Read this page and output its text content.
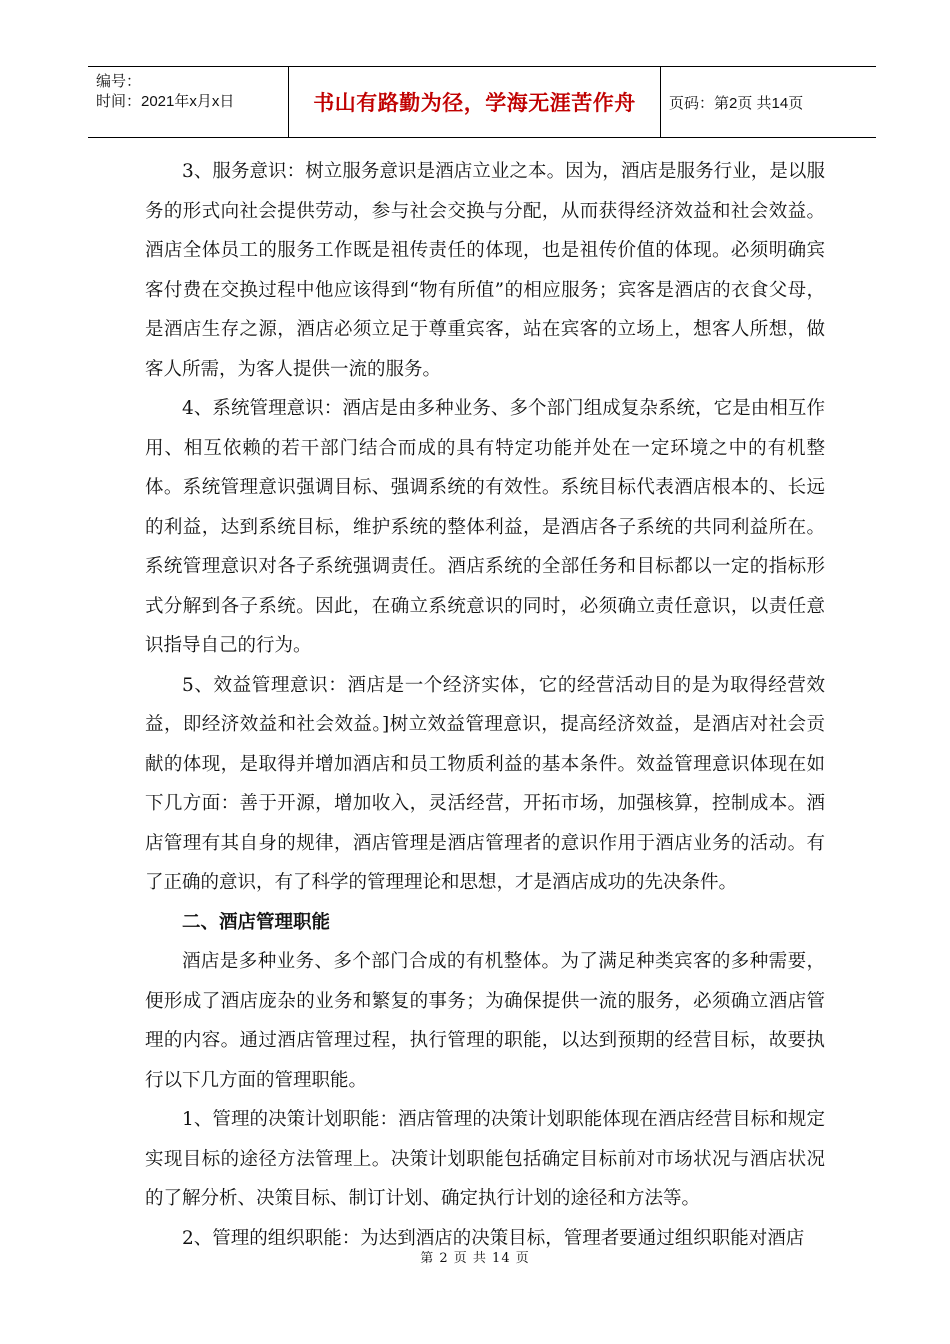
编号：
时间：2021年x月x日	书山有路勤为径，学海无涯苦作舟	页码：第2页 共14页

3、服务意识：树立服务意识是酒店立业之本。因为，酒店是服务行业，是以服务的形式向社会提供劳动，参与社会交换与分配，从而获得经济效益和社会效益。酒店全体员工的服务工作既是祖传责任的体现，也是祖传价值的体现。必须明确宾客付费在交换过程中他应该得到“物有所值”的相应服务；宾客是酒店的衣食父母，是酒店生存之源，酒店必须立足于尊重宾客，站在宾客的立场上，想客人所想，做客人所需，为客人提供一流的服务。

4、系统管理意识：酒店是由多种业务、多个部门组成复杂系统，它是由相互作用、相互依赖的若干部门结合而成的具有特定功能并处在一定环境之中的有机整体。系统管理意识强调目标、强调系统的有效性。系统目标代表酒店根本的、长远的利益，达到系统目标，维护系统的整体利益，是酒店各子系统的共同利益所在。系统管理意识对各子系统强调责任。酒店系统的全部任务和目标都以一定的指标形式分解到各子系统。因此，在确立系统意识的同时，必须确立责任意识，以责任意识指导自己的行为。

5、效益管理意识：酒店是一个经济实体，它的经营活动目的是为取得经营效益，即经济效益和社会效益。]树立效益管理意识，提高经济效益，是酒店对社会贡献的体现，是取得并增加酒店和员工物质利益的基本条件。效益管理意识体现在如下几方面：善于开源，增加收入，灵活经营，开拓市场，加强核算，控制成本。酒店管理有其自身的规律，酒店管理是酒店管理者的意识作用于酒店业务的活动。有了正确的意识，有了科学的管理理论和思想，才是酒店成功的先决条件。

二、酒店管理职能

酒店是多种业务、多个部门合成的有机整体。为了满足种类宾客的多种需要，便形成了酒店庞杂的业务和繁复的事务；为确保提供一流的服务，必须确立酒店管理的内容。通过酒店管理过程，执行管理的职能，以达到预期的经营目标，故要执行以下几方面的管理职能。

1、管理的决策计划职能：酒店管理的决策计划职能体现在酒店经营目标和规定实现目标的途径方法管理上。决策计划职能包括确定目标前对市场状况与酒店状况的了解分析、决策目标、制订计划、确定执行计划的途径和方法等。

2、管理的组织职能：为达到酒店的决策目标，管理者要通过组织职能对酒店

第 2 页 共 14 页
